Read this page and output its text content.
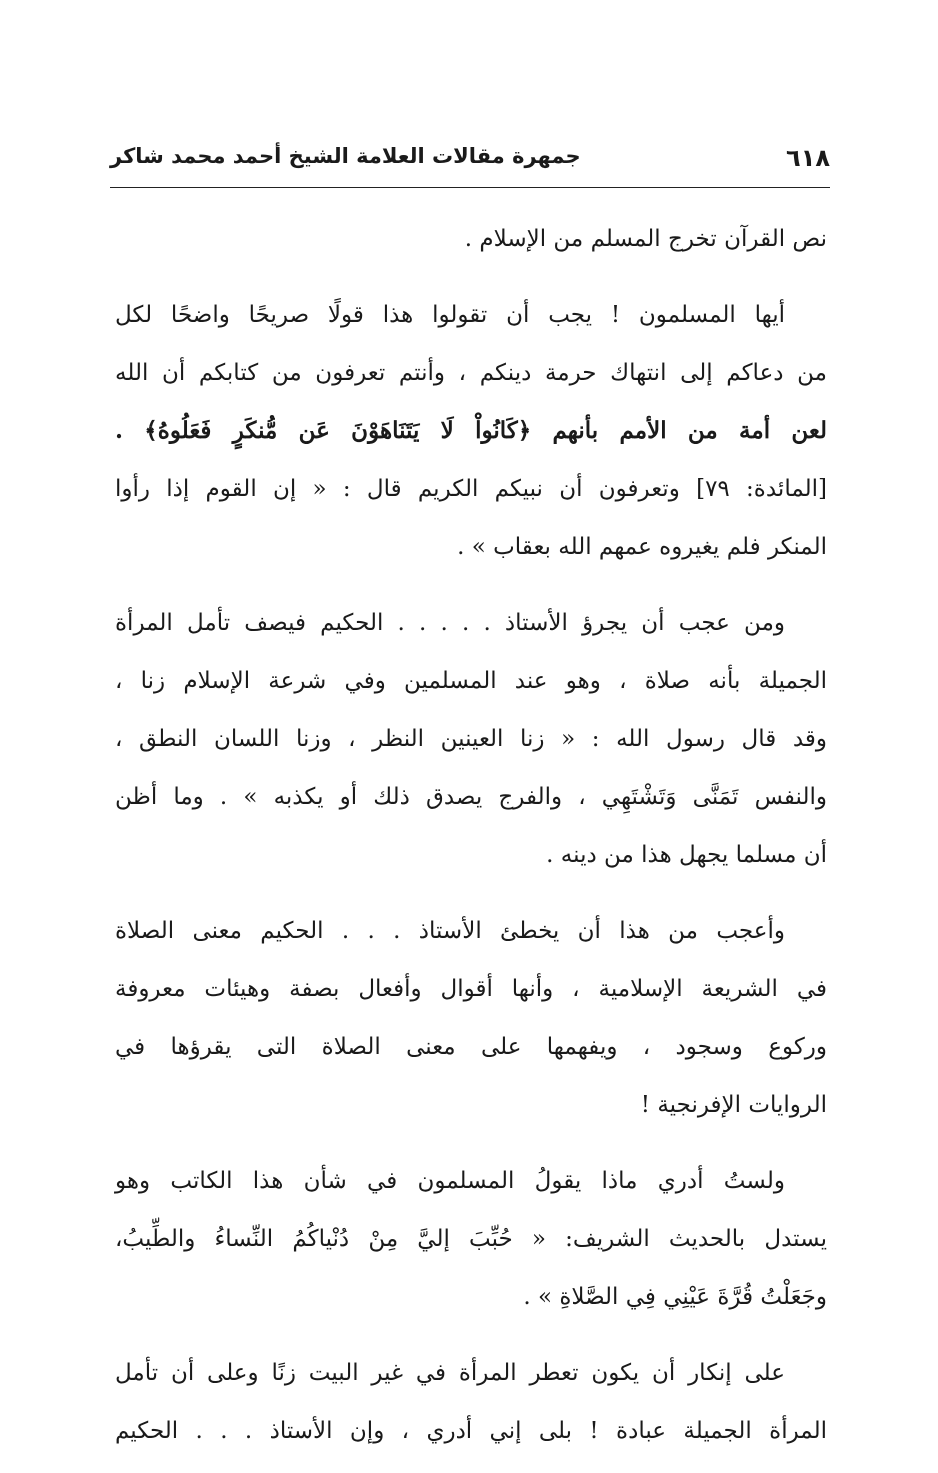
٦١٨
جمهرة مقالات العلامة الشيخ أحمد محمد شاكر
نص القرآن تخرج المسلم من الإسلام .
أيها المسلمون ! يجب أن تقولوا هذا قولًا صريحًا واضحًا لكل
من دعاكم إلى انتهاك حرمة دينكم ، وأنتم تعرفون من كتابكم أن الله
لعن أمة من الأمم بأنهم ﴿كَانُواْ لَا يَتَنَاهَوْنَ عَن مُّنكَرٍ فَعَلُوهُ﴾ .
[المائدة: ٧٩] وتعرفون أن نبيكم الكريم قال : « إن القوم إذا رأوا
المنكر فلم يغيروه عمهم الله بعقاب » .
ومن عجب أن يجرؤ الأستاذ . . . . . الحكيم فيصف تأمل المرأة
الجميلة بأنه صلاة ، وهو عند المسلمين وفي شرعة الإسلام زنا ،
وقد قال رسول الله : « زنا العينين النظر ، وزنا اللسان النطق ،
والنفس تَمَنَّى وَتَشْتَهِي ، والفرج يصدق ذلك أو يكذبه » . وما أظن
أن مسلما يجهل هذا من دينه .
وأعجب من هذا أن يخطئ الأستاذ . . . الحكيم معنى الصلاة
في الشريعة الإسلامية ، وأنها أقوال وأفعال بصفة وهيئات معروفة
وركوع وسجود ، ويفهمها على معنى الصلاة التى يقرؤها في
الروايات الإفرنجية !
ولستُ أدري ماذا يقولُ المسلمون في شأن هذا الكاتب وهو
يستدل بالحديث الشريف: « حُبِّبَ إليَّ مِنْ دُنْياكُمُ النِّساءُ والطِّيبُ،
وجَعَلْتُ قُرَّةَ عَيْنِي فِي الصَّلاةِ » .
على إنكار أن يكون تعطر المرأة في غير البيت زنًا وعلى أن تأمل
المرأة الجميلة عبادة ! بلى إني أدري ، وإن الأستاذ . . . الحكيم
